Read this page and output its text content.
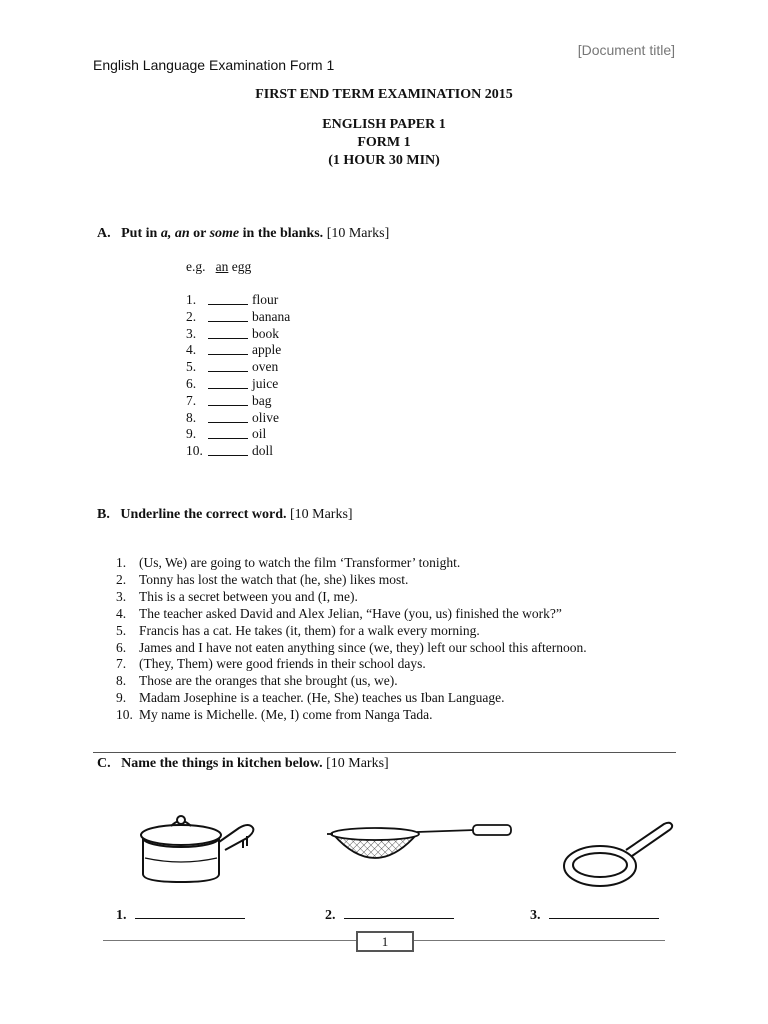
[Document title]
English Language Examination Form 1
FIRST END TERM EXAMINATION 2015
ENGLISH PAPER 1
FORM 1
(1 HOUR 30 MIN)
A. Put in a, an or some in the blanks. [10 Marks]
e.g. an egg
1.	flour
2.	banana
3.	book
4.	apple
5.	oven
6.	juice
7.	bag
8.	olive
9.	oil
10.	doll
B. Underline the correct word. [10 Marks]
1. (Us, We) are going to watch the film ‘Transformer’ tonight.
2. Tonny has lost the watch that (he, she) likes most.
3. This is a secret between you and (I, me).
4. The teacher asked David and Alex Jelian, “Have (you, us) finished the work?”
5. Francis has a cat. He takes (it, them) for a walk every morning.
6. James and I have not eaten anything since (we, they) left our school this afternoon.
7. (They, Them) were good friends in their school days.
8. Those are the oranges that she brought (us, we).
9. Madam Josephine is a teacher. (He, She) teaches us Iban Language.
10. My name is Michelle. (Me, I) come from Nanga Tada.
C. Name the things in kitchen below. [10 Marks]
1.	2.	3.
1
